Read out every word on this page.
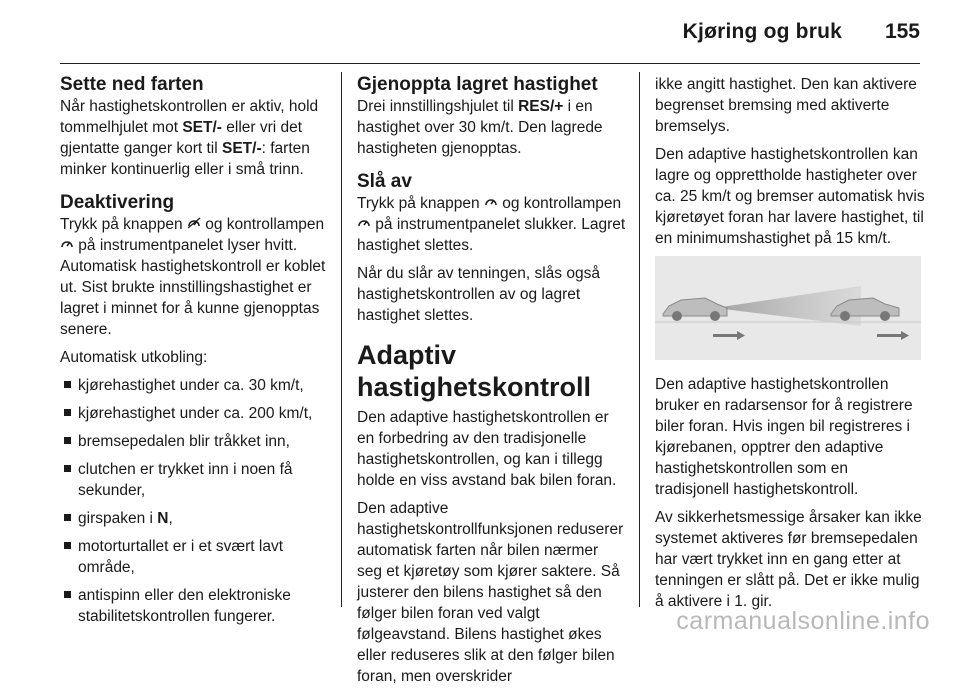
Kjøring og bruk 155
Sette ned farten

Når hastighetskontrollen er aktiv, hold tommelhjulet mot SET/- eller vri det gjentatte ganger kort til SET/-: farten minker kontinuerlig eller i små trinn.

Deaktivering

Trykk på knappen  og kontrollampen  på instrumentpanelet lyser hvitt. Automatisk hastighetskontroll er koblet ut. Sist brukte innstillingshastighet er lagret i minnet for å kunne gjenopptas senere.

Automatisk utkobling:

kjørehastighet under ca. 30 km/t,
kjørehastighet under ca. 200 km/t,
bremsepedalen blir tråkket inn,
clutchen er trykket inn i noen få sekunder,
girspaken i N,
motorturtallet er i et svært lavt område,
antispinn eller den elektroniske stabilitetskontrollen fungerer.
Gjenoppta lagret hastighet

Drei innstillingshjulet til RES/+ i en hastighet over 30 km/t. Den lagrede hastigheten gjenopptas.

Slå av

Trykk på knappen  og kontrollampen  på instrumentpanelet slukker. Lagret hastighet slettes.

Når du slår av tenningen, slås også hastighetskontrollen av og lagret hastighet slettes.

Adaptiv hastighetskontroll

Den adaptive hastighetskontrollen er en forbedring av den tradisjonelle hastighetskontrollen, og kan i tillegg holde en viss avstand bak bilen foran.

Den adaptive hastighetskontrollfunksjonen reduserer automatisk farten når bilen nærmer seg et kjøretøy som kjører saktere. Så justerer den bilens hastighet så den følger bilen foran ved valgt følgeavstand. Bilens hastighet økes eller reduseres slik at den følger bilen foran, men overskrider

ikke angitt hastighet. Den kan aktivere begrenset bremsing med aktiverte bremselys.

Den adaptive hastighetskontrollen kan lagre og opprettholde hastigheter over ca. 25 km/t og bremser automatisk hvis kjøretøyet foran har lavere hastighet, til en minimumshastighet på 15 km/t.

Den adaptive hastighetskontrollen bruker en radarsensor for å registrere biler foran. Hvis ingen bil registreres i kjørebanen, opptrer den adaptive hastighetskontrollen som en tradisjonell hastighetskontroll.

Av sikkerhetsmessige årsaker kan ikke systemet aktiveres før bremsepedalen har vært trykket inn en gang etter at tenningen er slått på. Det er ikke mulig å aktivere i 1. gir.

carmanualsonline.info
